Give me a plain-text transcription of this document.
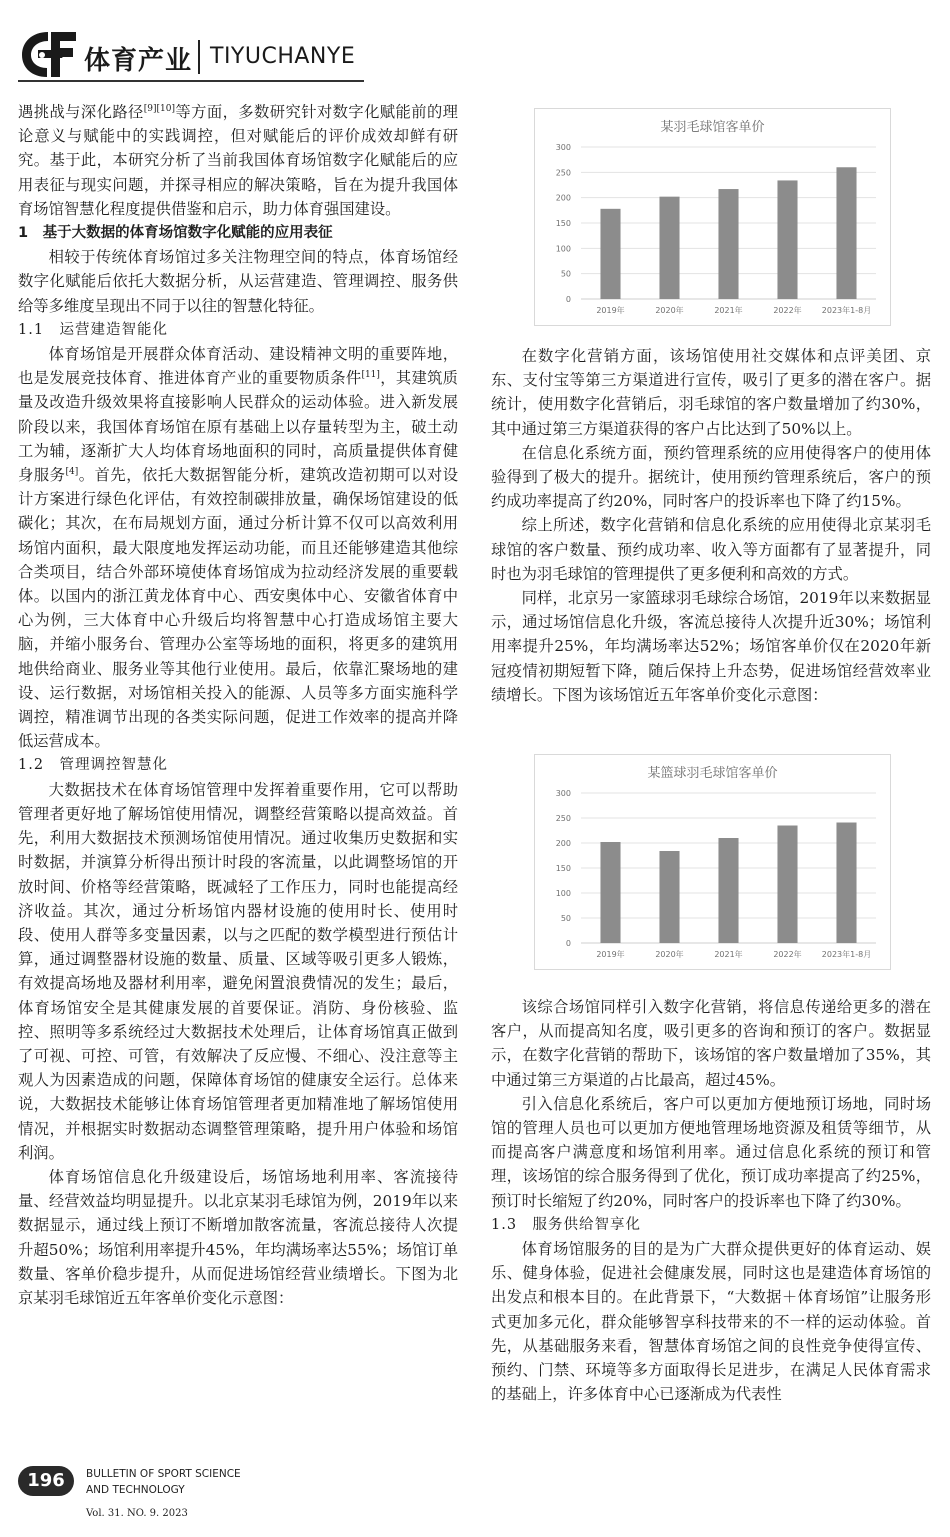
体育产业 TIYUCHANYE

遇挑战与深化路径[9][10]等方面，多数研究针对数字化赋能前的理论意义与赋能中的实践调控，但对赋能后的评价成效却鲜有研究。基于此，本研究分析了当前我国体育场馆数字化赋能后的应用表征与现实问题，并探寻相应的解决策略，旨在为提升我国体育场馆智慧化程度提供借鉴和启示，助力体育强国建设。

1　基于大数据的体育场馆数字化赋能的应用表征

相较于传统体育场馆过多关注物理空间的特点，体育场馆经数字化赋能后依托大数据分析，从运营建造、管理调控、服务供给等多维度呈现出不同于以往的智慧化特征。

1.1　运营建造智能化

体育场馆是开展群众体育活动、建设精神文明的重要阵地，也是发展竞技体育、推进体育产业的重要物质条件[11]，其建筑质量及改造升级效果将直接影响人民群众的运动体验。进入新发展阶段以来，我国体育场馆在原有基础上以存量转型为主，破土动工为辅，逐渐扩大人均体育场地面积的同时，高质量提供体育健身服务[4]。首先，依托大数据智能分析，建筑改造初期可以对设计方案进行绿色化评估，有效控制碳排放量，确保场馆建设的低碳化；其次，在布局规划方面，通过分析计算不仅可以高效利用场馆内面积，最大限度地发挥运动功能，而且还能够建造其他综合类项目，结合外部环境使体育场馆成为拉动经济发展的重要载体。以国内的浙江黄龙体育中心、西安奥体中心、安徽省体育中心为例，三大体育中心升级后均将智慧中心打造成场馆主要大脑，并缩小服务台、管理办公室等场地的面积，将更多的建筑用地供给商业、服务业等其他行业使用。最后，依靠汇聚场地的建设、运行数据，对场馆相关投入的能源、人员等多方面实施科学调控，精准调节出现的各类实际问题，促进工作效率的提高并降低运营成本。

1.2　管理调控智慧化

大数据技术在体育场馆管理中发挥着重要作用，它可以帮助管理者更好地了解场馆使用情况，调整经营策略以提高效益。首先，利用大数据技术预测场馆使用情况。通过收集历史数据和实时数据，并演算分析得出预计时段的客流量，以此调整场馆的开放时间、价格等经营策略，既减轻了工作压力，同时也能提高经济收益。其次，通过分析场馆内器材设施的使用时长、使用时段、使用人群等多变量因素，以与之匹配的数学模型进行预估计算，通过调整器材设施的数量、质量、区域等吸引更多人锻炼，有效提高场地及器材利用率，避免闲置浪费情况的发生；最后，体育场馆安全是其健康发展的首要保证。消防、身份核验、监控、照明等多系统经过大数据技术处理后，让体育场馆真正做到了可视、可控、可管，有效解决了反应慢、不细心、没注意等主观人为因素造成的问题，保障体育场馆的健康安全运行。总体来说，大数据技术能够让体育场馆管理者更加精准地了解场馆使用情况，并根据实时数据动态调整管理策略，提升用户体验和场馆利润。

体育场馆信息化升级建设后，场馆场地利用率、客流接待量、经营效益均明显提升。以北京某羽毛球馆为例，2019年以来数据显示，通过线上预订不断增加散客流量，客流总接待人次提升超50%；场馆利用率提升45%，年均满场率达55%；场馆订单数量、客单价稳步提升，从而促进场馆经营业绩增长。下图为北京某羽毛球馆近五年客单价变化示意图：

某羽毛球馆客单价
0
50
100
150
200
250
300
2019年	2020年	2021年	2022年	2023年1-8月
某篮球羽毛球馆客单价
0
50
100
150
200
250
300
2019年	2020年	2021年	2022年	2023年1-8月

在数字化营销方面，该场馆使用社交媒体和点评美团、京东、支付宝等第三方渠道进行宣传，吸引了更多的潜在客户。据统计，使用数字化营销后，羽毛球馆的客户数量增加了约30%，其中通过第三方渠道获得的客户占比达到了50%以上。

在信息化系统方面，预约管理系统的应用使得客户的使用体验得到了极大的提升。据统计，使用预约管理系统后，客户的预约成功率提高了约20%，同时客户的投诉率也下降了约15%。

综上所述，数字化营销和信息化系统的应用使得北京某羽毛球馆的客户数量、预约成功率、收入等方面都有了显著提升，同时也为羽毛球馆的管理提供了更多便利和高效的方式。

同样，北京另一家篮球羽毛球综合场馆，2019年以来数据显示，通过场馆信息化升级，客流总接待人次提升近30%；场馆利用率提升25%，年均满场率达52%；场馆客单价仅在2020年新冠疫情初期短暂下降，随后保持上升态势，促进场馆经营效率业绩增长。下图为该场馆近五年客单价变化示意图：

该综合场馆同样引入数字化营销，将信息传递给更多的潜在客户，从而提高知名度，吸引更多的咨询和预订的客户。数据显示，在数字化营销的帮助下，该场馆的客户数量增加了35%，其中通过第三方渠道的占比最高，超过45%。

引入信息化系统后，客户可以更加方便地预订场地，同时场馆的管理人员也可以更加方便地管理场地资源及租赁等细节，从而提高客户满意度和场馆利用率。通过信息化系统的预订和管理，该场馆的综合服务得到了优化，预订成功率提高了约25%，预订时长缩短了约20%，同时客户的投诉率也下降了约30%。

1.3　服务供给智享化

体育场馆服务的目的是为广大群众提供更好的体育运动、娱乐、健身体验，促进社会健康发展，同时这也是建造体育场馆的出发点和根本目的。在此背景下，“大数据＋体育场馆”让服务形式更加多元化，群众能够智享科技带来的不一样的运动体验。首先，从基础服务来看，智慧体育场馆之间的良性竞争使得宣传、预约、门禁、环境等多方面取得长足进步，在满足人民体育需求的基础上，许多体育中心已逐渐成为代表性

196	BULLETIN OF SPORT SCIENCE
AND TECHNOLOGY
Vol. 31. NO. 9. 2023
